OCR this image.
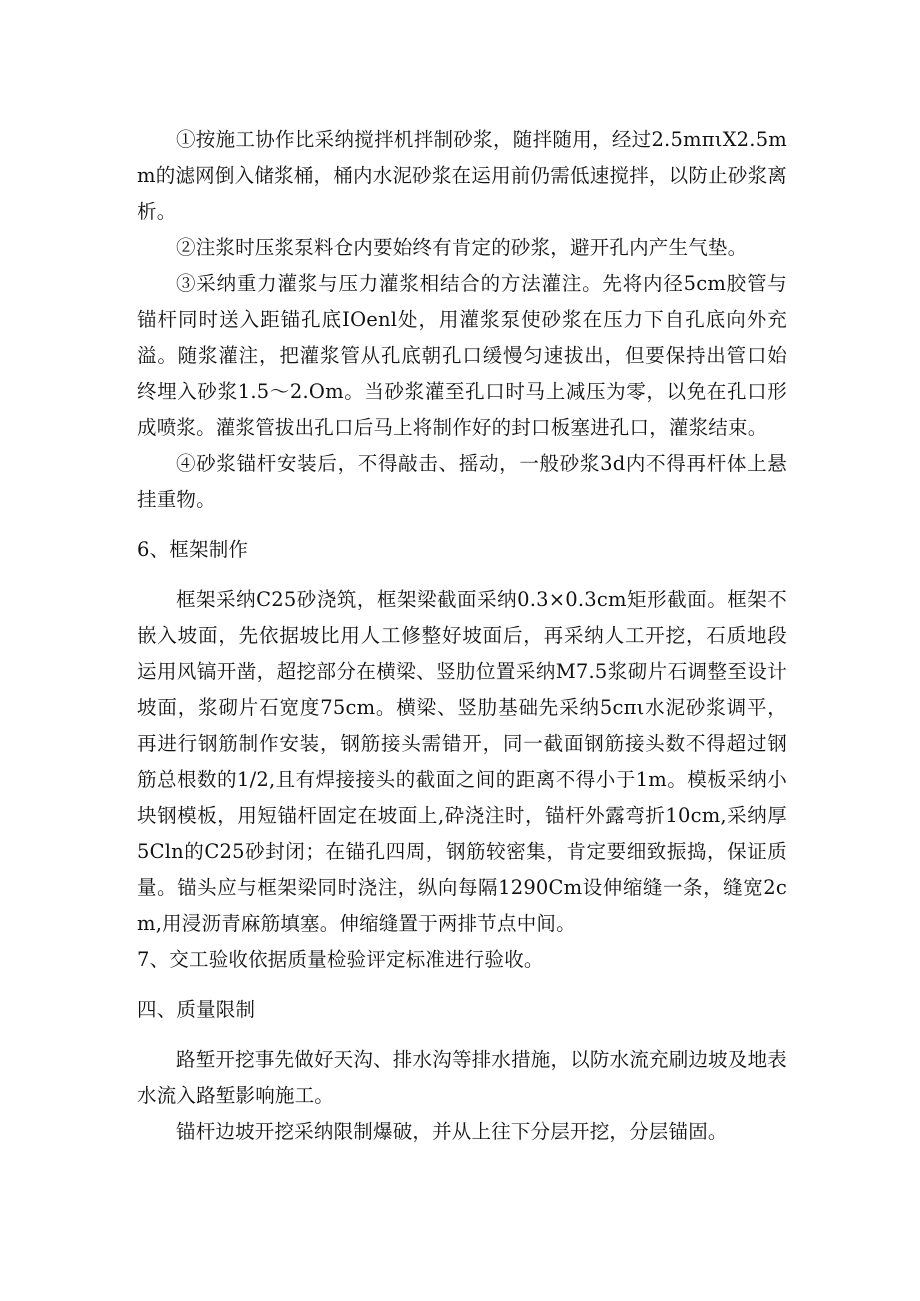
①按施工协作比采纳搅拌机拌制砂浆，随拌随用，经过2.5mπιX2.5mm的滤网倒入储浆桶，桶内水泥砂浆在运用前仍需低速搅拌，以防止砂浆离析。

②注浆时压浆泵料仓内要始终有肯定的砂浆，避开孔内产生气垫。

③采纳重力灌浆与压力灌浆相结合的方法灌注。先将内径5cm胶管与锚杆同时送入距锚孔底IOenl处，用灌浆泵使砂浆在压力下自孔底向外充溢。随浆灌注，把灌浆管从孔底朝孔口缓慢匀速拔出，但要保持出管口始终埋入砂浆1.5～2.Om。当砂浆灌至孔口时马上减压为零，以免在孔口形成喷浆。灌浆管拔出孔口后马上将制作好的封口板塞进孔口，灌浆结束。

④砂浆锚杆安装后，不得敲击、摇动，一般砂浆3d内不得再杆体上悬挂重物。

6、框架制作

框架采纳C25砂浇筑，框架梁截面采纳0.3×0.3cm矩形截面。框架不嵌入坡面，先依据坡比用人工修整好坡面后，再采纳人工开挖，石质地段运用风镐开凿，超挖部分在横梁、竖肋位置采纳M7.5浆砌片石调整至设计坡面，浆砌片石宽度75cm。横梁、竖肋基础先采纳5cπι水泥砂浆调平，再进行钢筋制作安装，钢筋接头需错开，同一截面钢筋接头数不得超过钢筋总根数的1/2,且有焊接接头的截面之间的距离不得小于1m。模板采纳小块钢模板，用短锚杆固定在坡面上,砕浇注时，锚杆外露弯折10cm,采纳厚5Cln的C25砂封闭；在锚孔四周，钢筋较密集，肯定要细致振捣，保证质量。锚头应与框架梁同时浇注，纵向每隔1290Cm设伸缩缝一条，缝宽2cm,用浸沥青麻筋填塞。伸缩缝置于两排节点中间。

7、交工验收依据质量检验评定标准进行验收。

四、质量限制

路堑开挖事先做好天沟、排水沟等排水措施，以防水流充刷边坡及地表水流入路堑影响施工。

锚杆边坡开挖采纳限制爆破，并从上往下分层开挖，分层锚固。
